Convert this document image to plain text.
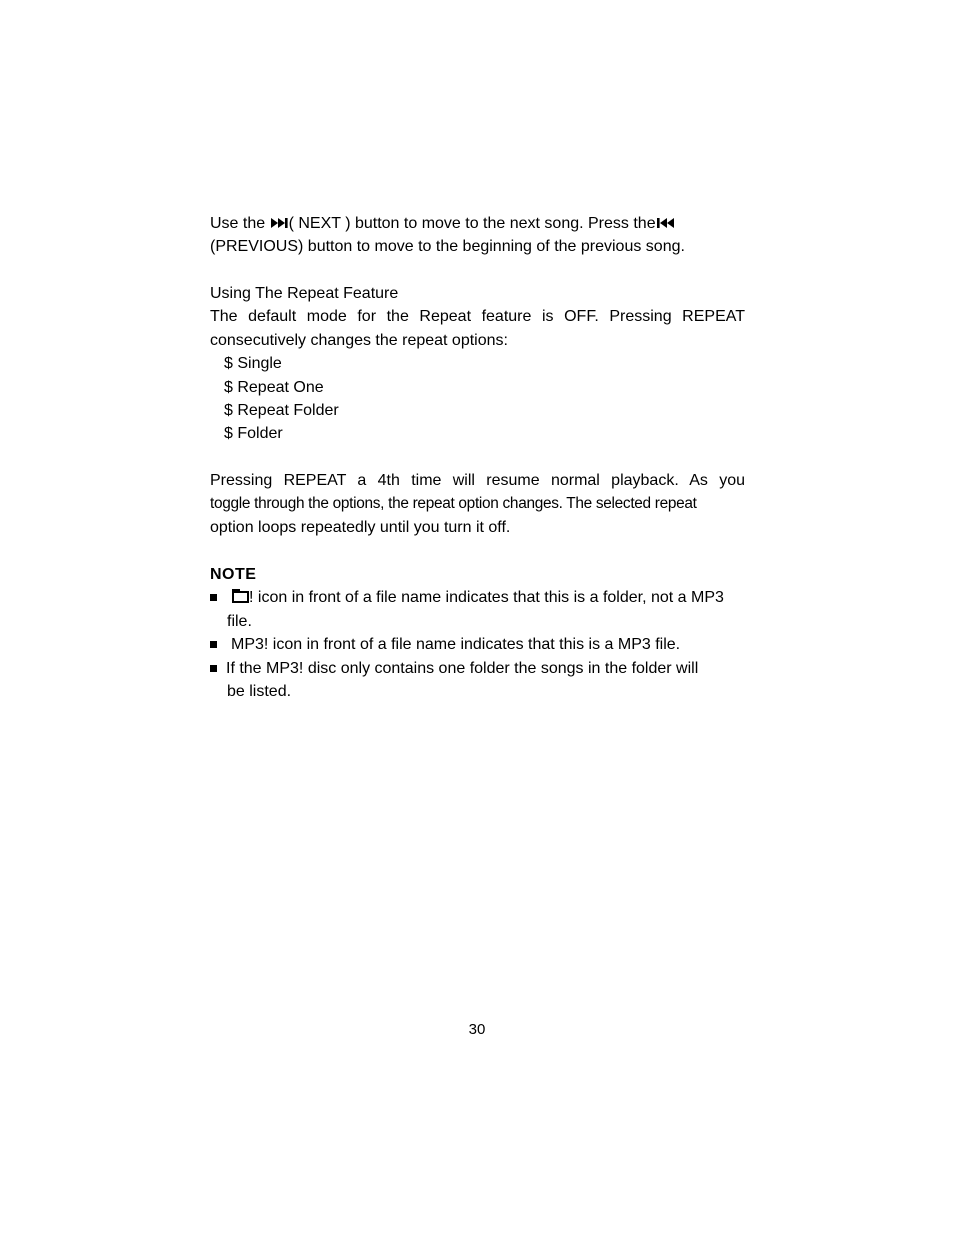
Use the ( NEXT ) button to move to the next song. Press the
(PREVIOUS) button to move to the beginning of the previous song.
Using The Repeat Feature
The default mode for the Repeat feature is OFF. Pressing REPEAT
consecutively changes the repeat options:
$ Single
$ Repeat One
$ Repeat Folder
$ Folder
Pressing REPEAT a 4th time will resume normal playback. As you
toggle through the options, the repeat option changes. The selected repeat
option loops repeatedly until you turn it off.
NOTE
! icon in front of a file name indicates that this is a folder, not a MP3
file.
MP3! icon in front of a file name indicates that this is a MP3 file.
If the MP3! disc only contains one folder the songs in the folder will
be listed.
30
